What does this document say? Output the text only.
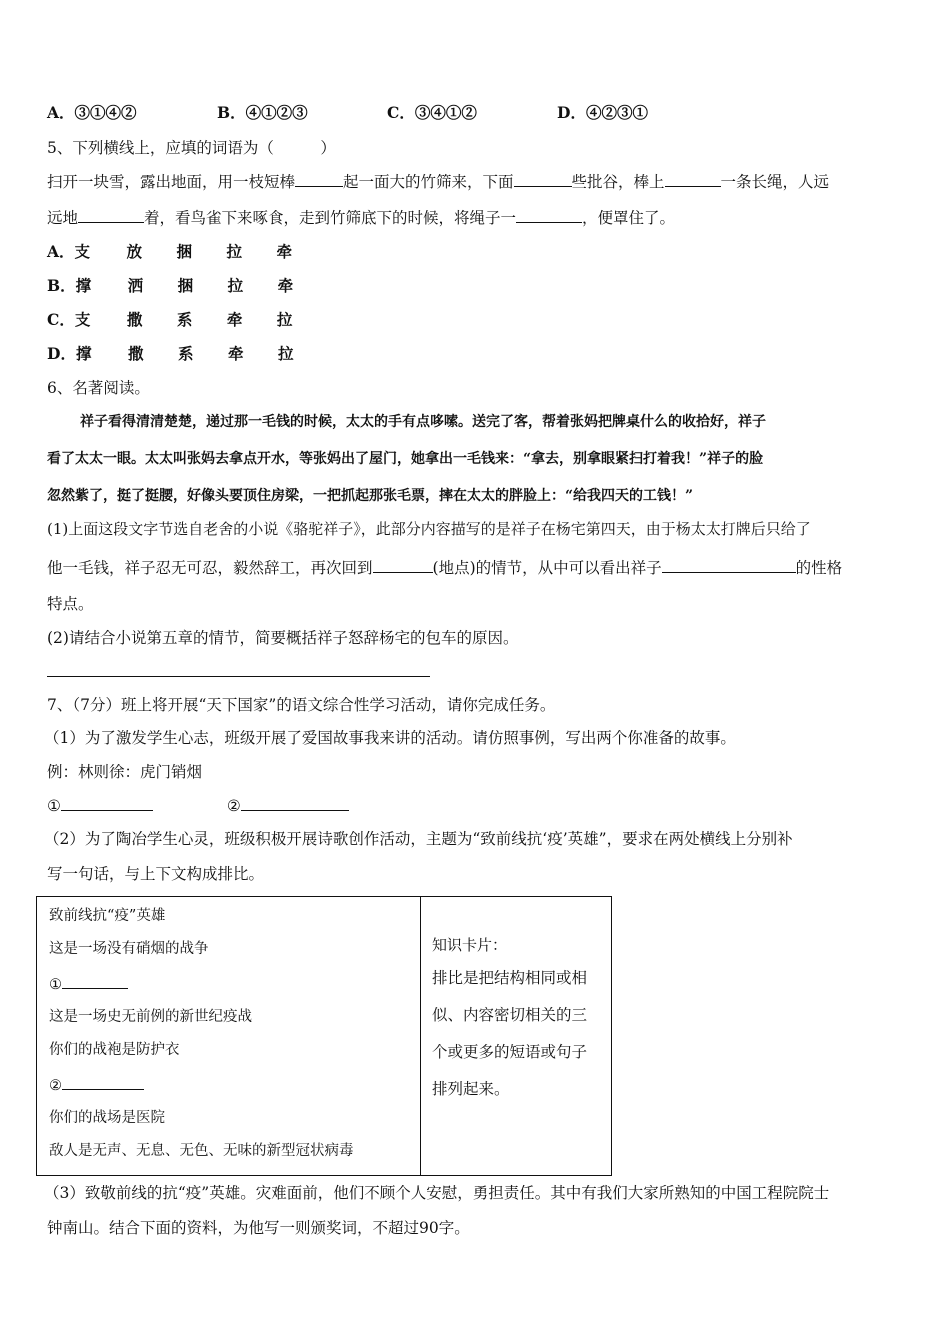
A．③①④②	B．④①②③	C．③④①②	D．④②③①
5、下列横线上，应填的词语为（　　　）
扫开一块雪，露出地面，用一枝短棒	起一面大的竹筛来，下面	些批谷，棒上	一条长绳，人远
远地	着，看鸟雀下来啄食，走到竹筛底下的时候，将绳子一	，便罩住了。
A．支 放 捆 拉 牵
B．撑 洒 捆 拉 牵
C．支 撒 系 牵 拉
D．撑 撒 系 牵 拉
6、名著阅读。
祥子看得清清楚楚，递过那一毛钱的时候，太太的手有点哆嗦。送完了客，帮着张妈把牌桌什么的收拾好，祥子
看了太太一眼。太太叫张妈去拿点开水，等张妈出了屋门，她拿出一毛钱来：“拿去，别拿眼紧扫打着我！”祥子的脸
忽然紫了，挺了挺腰，好像头要顶住房梁，一把抓起那张毛票，摔在太太的胖脸上：“给我四天的工钱！”
(1)上面这段文字节选自老舍的小说《骆驼祥子》，此部分内容描写的是祥子在杨宅第四天，由于杨太太打牌后只给了
他一毛钱，祥子忍无可忍，毅然辞工，再次回到	(地点)的情节，从中可以看出祥子	的性格
特点。
(2)请结合小说第五章的情节，简要概括祥子怒辞杨宅的包车的原因。
7、（7分）班上将开展“天下国家”的语文综合性学习活动，请你完成任务。
（1）为了激发学生心志，班级开展了爱国故事我来讲的活动。请仿照事例，写出两个你准备的故事。
例：林则徐：虎门销烟
①	②
（2）为了陶冶学生心灵，班级积极开展诗歌创作活动，主题为“致前线抗‘疫’英雄”，要求在两处横线上分别补
写一句话，与上下文构成排比。
致前线抗“疫”英雄
这是一场没有硝烟的战争
①
这是一场史无前例的新世纪疫战
你们的战袍是防护衣
②
你们的战场是医院
敌人是无声、无息、无色、无味的新型冠状病毒
知识卡片：
排比是把结构相同或相
似、内容密切相关的三
个或更多的短语或句子
排列起来。
（3）致敬前线的抗“疫”英雄。灾难面前，他们不顾个人安慰，勇担责任。其中有我们大家所熟知的中国工程院院士
钟南山。结合下面的资料，为他写一则颁奖词，不超过90字。
